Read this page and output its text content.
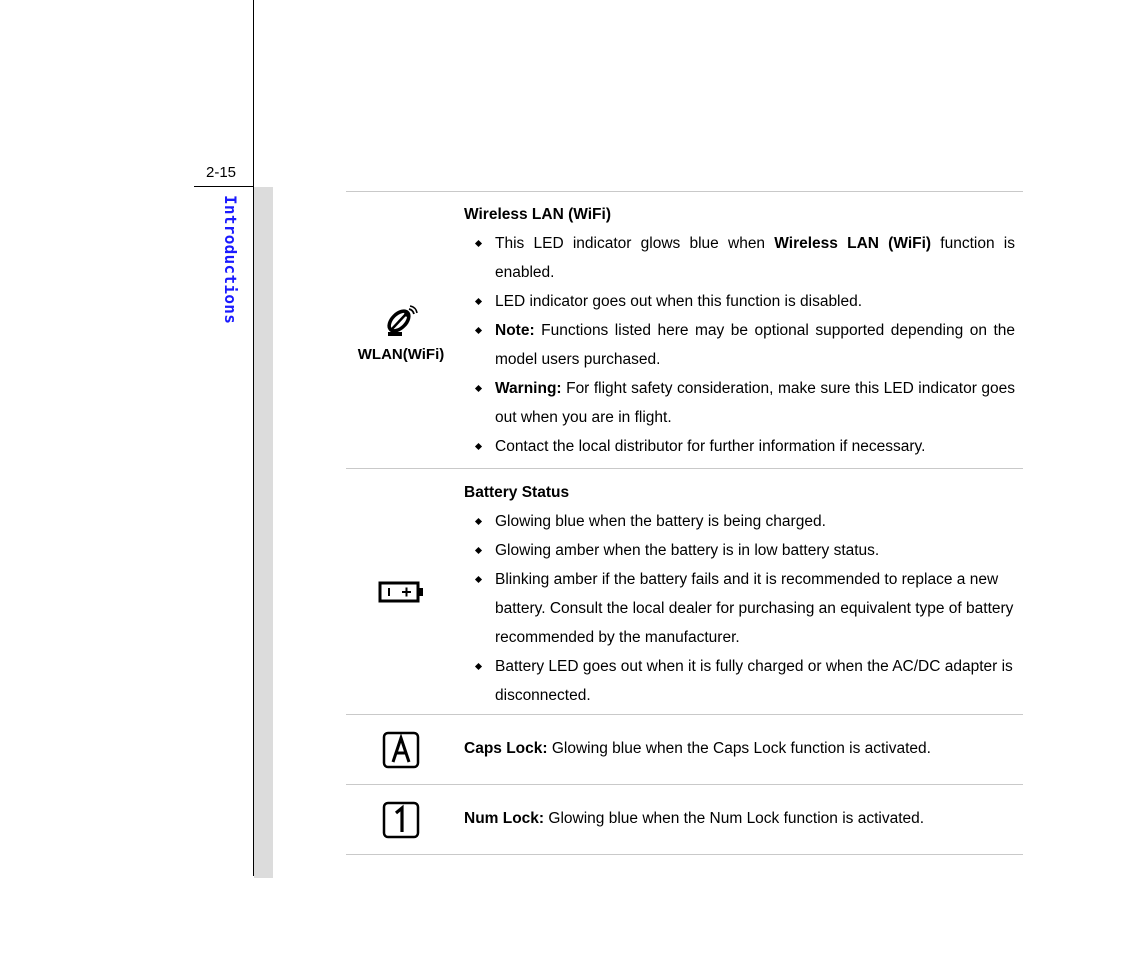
2-15
Introductions
WLAN(WiFi)
Wireless LAN (WiFi)
This LED indicator glows blue when Wireless LAN (WiFi) function is enabled.
LED indicator goes out when this function is disabled.
Note: Functions listed here may be optional supported depending on the model users purchased.
Warning: For flight safety consideration, make sure this LED indicator goes out when you are in flight.
Contact the local distributor for further information if necessary.
Battery Status
Glowing blue when the battery is being charged.
Glowing amber when the battery is in low battery status.
Blinking amber if the battery fails and it is recommended to replace a new battery. Consult the local dealer for purchasing an equivalent type of battery recommended by the manufacturer.
Battery LED goes out when it is fully charged or when the AC/DC adapter is disconnected.
Caps Lock: Glowing blue when the Caps Lock function is activated.
Num Lock: Glowing blue when the Num Lock function is activated.
